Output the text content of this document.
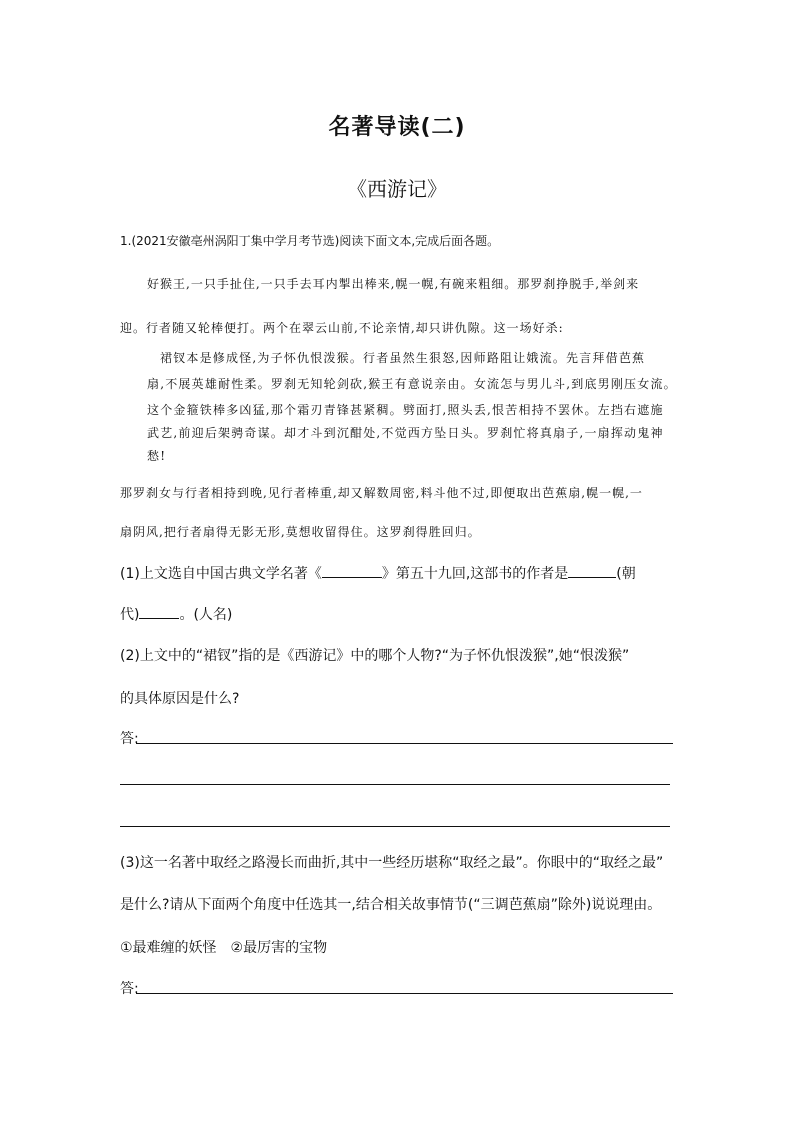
名著导读(二)
《西游记》
1.(2021安徽亳州涡阳丁集中学月考节选)阅读下面文本,完成后面各题。
好猴王,一只手扯住,一只手去耳内掣出棒来,幌一幌,有碗来粗细。那罗刹挣脱手,举剑来
迎。行者随又轮棒便打。两个在翠云山前,不论亲情,却只讲仇隙。这一场好杀:
裙钗本是修成怪,为子怀仇恨泼猴。行者虽然生狠怒,因师路阻让娥流。先言拜借芭蕉
扇,不展英雄耐性柔。罗刹无知轮剑砍,猴王有意说亲由。女流怎与男儿斗,到底男刚压女流。
这个金箍铁棒多凶猛,那个霜刃青锋甚紧稠。劈面打,照头丢,恨苦相持不罢休。左挡右遮施
武艺,前迎后架骋奇谋。却才斗到沉酣处,不觉西方坠日头。罗刹忙将真扇子,一扇挥动鬼神
愁!
那罗刹女与行者相持到晚,见行者棒重,却又解数周密,料斗他不过,即便取出芭蕉扇,幌一幌,一
扇阴风,把行者扇得无影无形,莫想收留得住。这罗刹得胜回归。
(1)上文选自中国古典文学名著《	》第五十九回,这部书的作者是	(朝
代)	。(人名)
(2)上文中的“裙钗”指的是《西游记》中的哪个人物?“为子怀仇恨泼猴”,她“恨泼猴”
的具体原因是什么?
答:
(3)这一名著中取经之路漫长而曲折,其中一些经历堪称“取经之最”。你眼中的“取经之最”
是什么?请从下面两个角度中任选其一,结合相关故事情节(“三调芭蕉扇”除外)说说理由。
①最难缠的妖怪　②最厉害的宝物
答:
